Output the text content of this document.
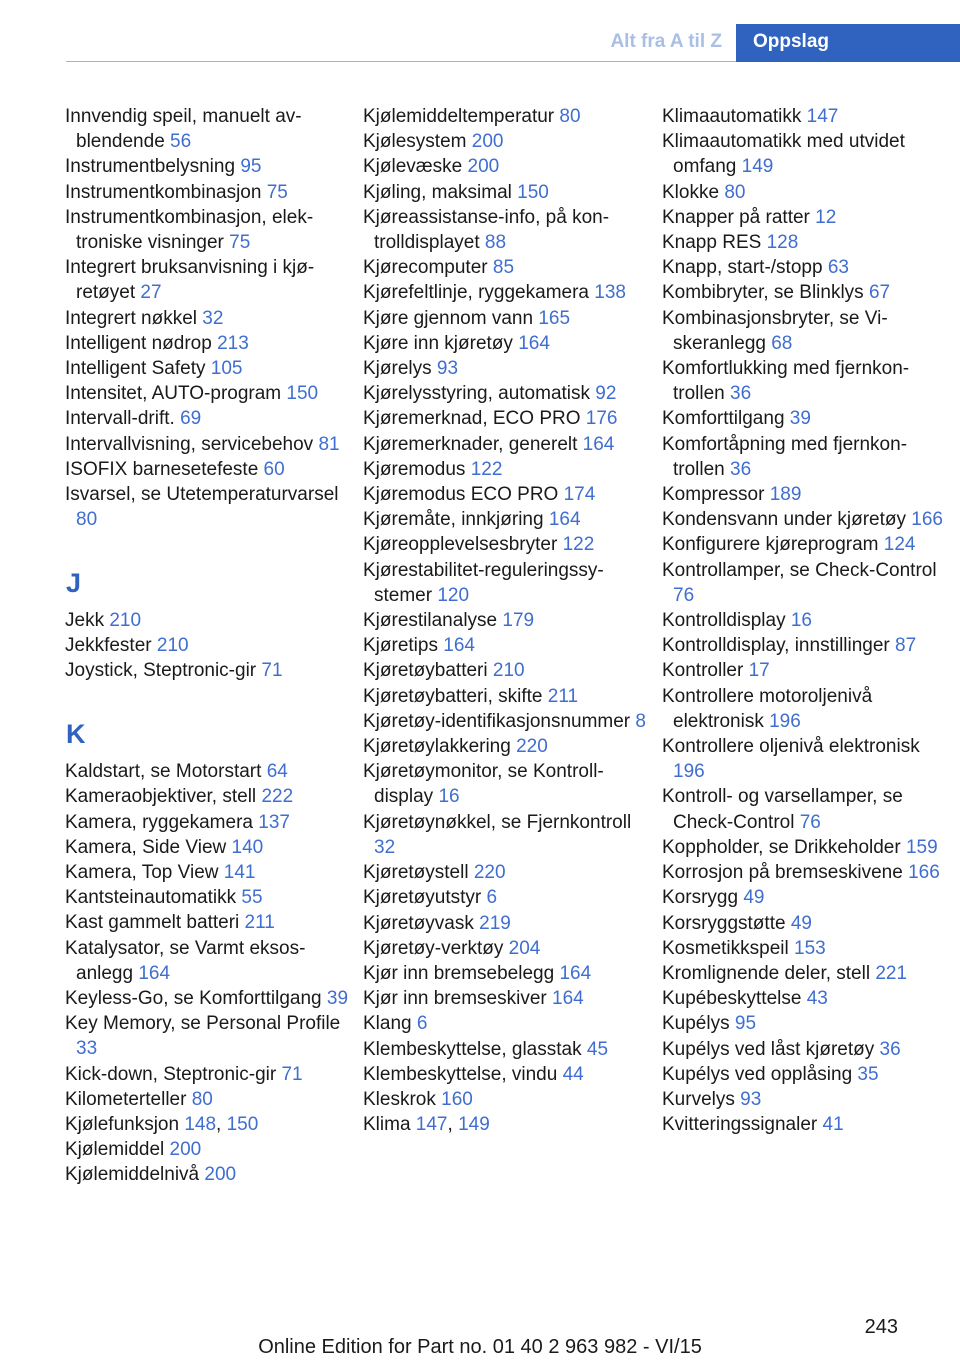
Alt fra A til Z	Oppslag
Innvendig speil, manuelt avblendende 56
Instrumentbelysning 95
Instrumentkombinasjon 75
Instrumentkombinasjon, elektroniske visninger 75
Integrert bruksanvisning i kjøretøyet 27
Integrert nøkkel 32
Intelligent nødrop 213
Intelligent Safety 105
Intensitet, AUTO-program 150
Intervall-drift. 69
Intervallvisning, servicebehov 81
ISOFIX barnesetefeste 60
Isvarsel, se Utetemperaturvarsel 80
J
Jekk 210
Jekkfester 210
Joystick, Steptronic-gir 71
K
Kaldstart, se Motorstart 64
Kameraobjektiver, stell 222
Kamera, ryggekamera 137
Kamera, Side View 140
Kamera, Top View 141
Kantsteinautomatikk 55
Kast gammelt batteri 211
Katalysator, se Varmt eksosanlegg 164
Keyless-Go, se Komforttilgang 39
Key Memory, se Personal Profile 33
Kick-down, Steptronic-gir 71
Kilometerteller 80
Kjølefunksjon 148, 150
Kjølemiddel 200
Kjølemiddelnivå 200
Kjølemiddeltemperatur 80
Kjølesystem 200
Kjølevæske 200
Kjøling, maksimal 150
Kjøreassistanse-info, på kontrolldisplayet 88
Kjørecomputer 85
Kjørefeltlinje, ryggekamera 138
Kjøre gjennom vann 165
Kjøre inn kjøretøy 164
Kjørelys 93
Kjørelysstyring, automatisk 92
Kjøremerknad, ECO PRO 176
Kjøremerknader, generelt 164
Kjøremodus 122
Kjøremodus ECO PRO 174
Kjøremåte, innkjøring 164
Kjøreopplevelsesbryter 122
Kjørestabilitet-reguleringssystemer 120
Kjørestilanalyse 179
Kjøretips 164
Kjøretøybatteri 210
Kjøretøybatteri, skifte 211
Kjøretøy-identifikasjonsnummer 8
Kjøretøylakkering 220
Kjøretøymonitor, se Kontrolldisplay 16
Kjøretøynøkkel, se Fjernkontroll 32
Kjøretøystell 220
Kjøretøyutstyr 6
Kjøretøyvask 219
Kjøretøy-verktøy 204
Kjør inn bremsebelegg 164
Kjør inn bremseskiver 164
Klang 6
Klembeskyttelse, glasstak 45
Klembeskyttelse, vindu 44
Kleskrok 160
Klima 147, 149
Klimaautomatikk 147
Klimaautomatikk med utvidet omfang 149
Klokke 80
Knapper på ratter 12
Knapp RES 128
Knapp, start-/stopp 63
Kombibryter, se Blinklys 67
Kombinasjonsbryter, se Viskeranlegg 68
Komfortlukking med fjernkontrollen 36
Komforttilgang 39
Komfortåpning med fjernkontrollen 36
Kompressor 189
Kondensvann under kjøretøy 166
Konfigurere kjøreprogram 124
Kontrollamper, se Check-Control 76
Kontrolldisplay 16
Kontrolldisplay, innstillinger 87
Kontroller 17
Kontrollere motoroljenivå elektronisk 196
Kontrollere oljenivå elektronisk 196
Kontroll- og varsellamper, se Check-Control 76
Koppholder, se Drikkeholder 159
Korrosjon på bremseskivene 166
Korsrygg 49
Korsryggstøtte 49
Kosmetikkspeil 153
Kromlignende deler, stell 221
Kupébeskyttelse 43
Kupélys 95
Kupélys ved låst kjøretøy 36
Kupélys ved opplåsing 35
Kurvelys 93
Kvitteringssignaler 41
243
Online Edition for Part no. 01 40 2 963 982 - VI/15
